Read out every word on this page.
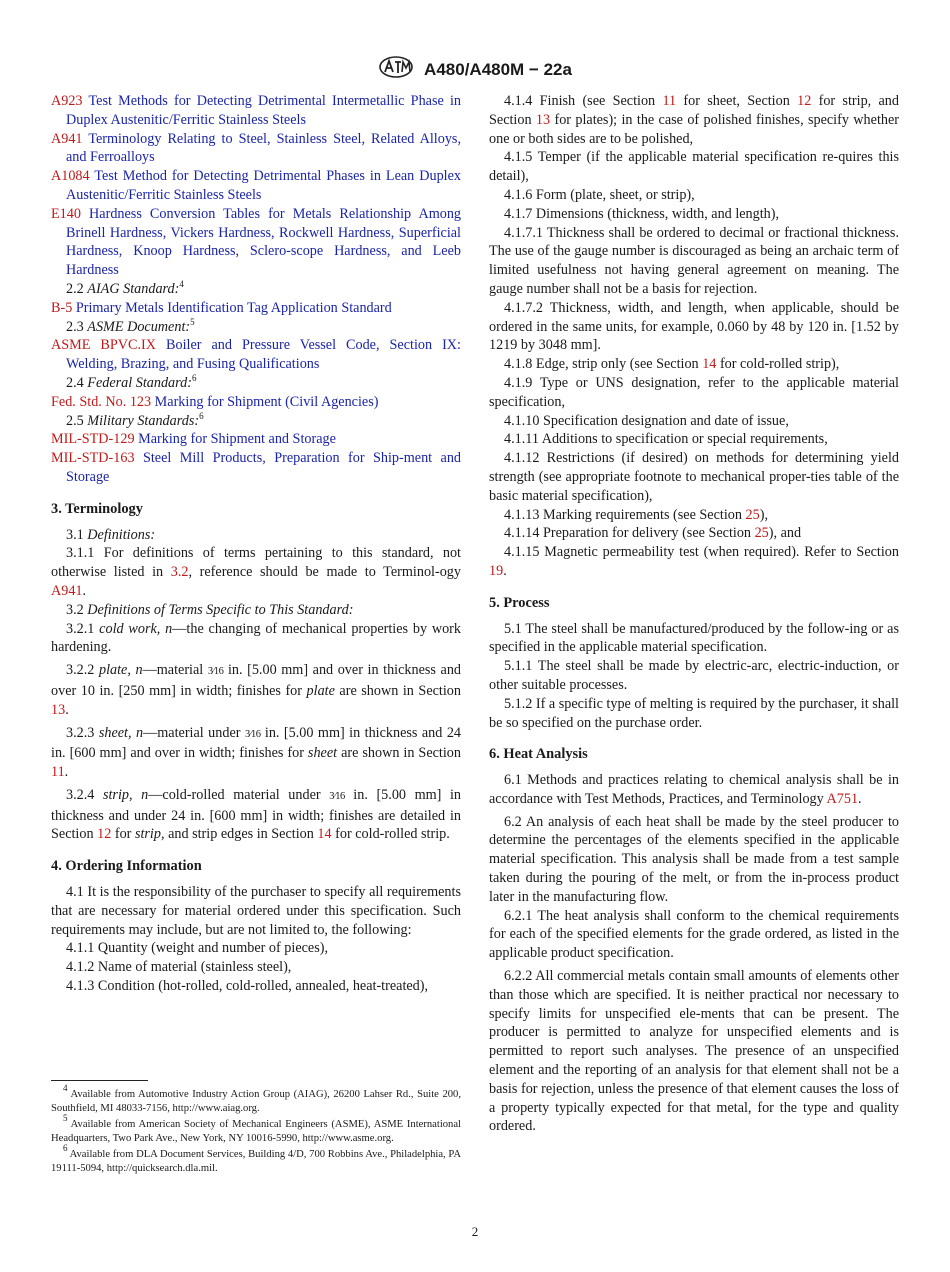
A480/A480M − 22a

A923 Test Methods for Detecting Detrimental Intermetallic Phase in Duplex Austenitic/Ferritic Stainless Steels

A941 Terminology Relating to Steel, Stainless Steel, Related Alloys, and Ferroalloys

A1084 Test Method for Detecting Detrimental Phases in Lean Duplex Austenitic/Ferritic Stainless Steels

E140 Hardness Conversion Tables for Metals Relationship Among Brinell Hardness, Vickers Hardness, Rockwell Hardness, Superficial Hardness, Knoop Hardness, Sclero-scope Hardness, and Leeb Hardness

2.2 AIAG Standard:$^4$

B-5 Primary Metals Identification Tag Application Standard

2.3 ASME Document:$^5$

ASME BPVC.IX Boiler and Pressure Vessel Code, Section IX: Welding, Brazing, and Fusing Qualifications

2.4 Federal Standard:$^6$

Fed. Std. No. 123 Marking for Shipment (Civil Agencies)

2.5 Military Standards:$^6$

MIL-STD-129 Marking for Shipment and Storage

MIL-STD-163 Steel Mill Products, Preparation for Ship-ment and Storage

3. Terminology

3.1 Definitions:

3.1.1 For definitions of terms pertaining to this standard, not otherwise listed in 3.2, reference should be made to Terminol-ogy A941.

3.2 Definitions of Terms Specific to This Standard:

3.2.1 cold work, n—the changing of mechanical properties by work hardening.

3.2.2 plate, n—material 3⁄16 in. [5.00 mm] and over in thickness and over 10 in. [250 mm] in width; finishes for plate are shown in Section 13.

3.2.3 sheet, n—material under 3⁄16 in. [5.00 mm] in thickness and 24 in. [600 mm] and over in width; finishes for sheet are shown in Section 11.

3.2.4 strip, n—cold-rolled material under 3⁄16 in. [5.00 mm] in thickness and under 24 in. [600 mm] in width; finishes are detailed in Section 12 for strip, and strip edges in Section 14 for cold-rolled strip.

4. Ordering Information

4.1 It is the responsibility of the purchaser to specify all requirements that are necessary for material ordered under this specification. Such requirements may include, but are not limited to, the following:

4.1.1 Quantity (weight and number of pieces),

4.1.2 Name of material (stainless steel),

4.1.3 Condition (hot-rolled, cold-rolled, annealed, heat-treated),

$^4$ Available from Automotive Industry Action Group (AIAG), 26200 Lahser Rd., Suite 200, Southfield, MI 48033-7156, http://www.aiag.org.

$^5$ Available from American Society of Mechanical Engineers (ASME), ASME International Headquarters, Two Park Ave., New York, NY 10016-5990, http://www.asme.org.

$^6$ Available from DLA Document Services, Building 4/D, 700 Robbins Ave., Philadelphia, PA 19111-5094, http://quicksearch.dla.mil.

4.1.4 Finish (see Section 11 for sheet, Section 12 for strip, and Section 13 for plates); in the case of polished finishes, specify whether one or both sides are to be polished,

4.1.5 Temper (if the applicable material specification re-quires this detail),

4.1.6 Form (plate, sheet, or strip),

4.1.7 Dimensions (thickness, width, and length),

4.1.7.1 Thickness shall be ordered to decimal or fractional thickness. The use of the gauge number is discouraged as being an archaic term of limited usefulness not having general agreement on meaning. The gauge number shall not be a basis for rejection.

4.1.7.2 Thickness, width, and length, when applicable, should be ordered in the same units, for example, 0.060 by 48 by 120 in. [1.52 by 1219 by 3048 mm].

4.1.8 Edge, strip only (see Section 14 for cold-rolled strip),

4.1.9 Type or UNS designation, refer to the applicable material specification,

4.1.10 Specification designation and date of issue,

4.1.11 Additions to specification or special requirements,

4.1.12 Restrictions (if desired) on methods for determining yield strength (see appropriate footnote to mechanical proper-ties table of the basic material specification),

4.1.13 Marking requirements (see Section 25),

4.1.14 Preparation for delivery (see Section 25), and

4.1.15 Magnetic permeability test (when required). Refer to Section 19.

5. Process

5.1 The steel shall be manufactured/produced by the follow-ing or as specified in the applicable material specification.

5.1.1 The steel shall be made by electric-arc, electric-induction, or other suitable processes.

5.1.2 If a specific type of melting is required by the purchaser, it shall be so specified on the purchase order.

6. Heat Analysis

6.1 Methods and practices relating to chemical analysis shall be in accordance with Test Methods, Practices, and Terminology A751.

6.2 An analysis of each heat shall be made by the steel producer to determine the percentages of the elements specified in the applicable material specification. This analysis shall be made from a test sample taken during the pouring of the melt, or from the in-process product later in the manufacturing flow.

6.2.1 The heat analysis shall conform to the chemical requirements for each of the specified elements for the grade ordered, as listed in the applicable product specification.

6.2.2 All commercial metals contain small amounts of elements other than those which are specified. It is neither practical nor necessary to specify limits for unspecified ele-ments that can be present. The producer is permitted to analyze for unspecified elements and is permitted to report such analyses. The presence of an unspecified element and the reporting of an analysis for that element shall not be a basis for rejection, unless the presence of that element causes the loss of a property typically expected for that metal, for the type and quality ordered.

2
